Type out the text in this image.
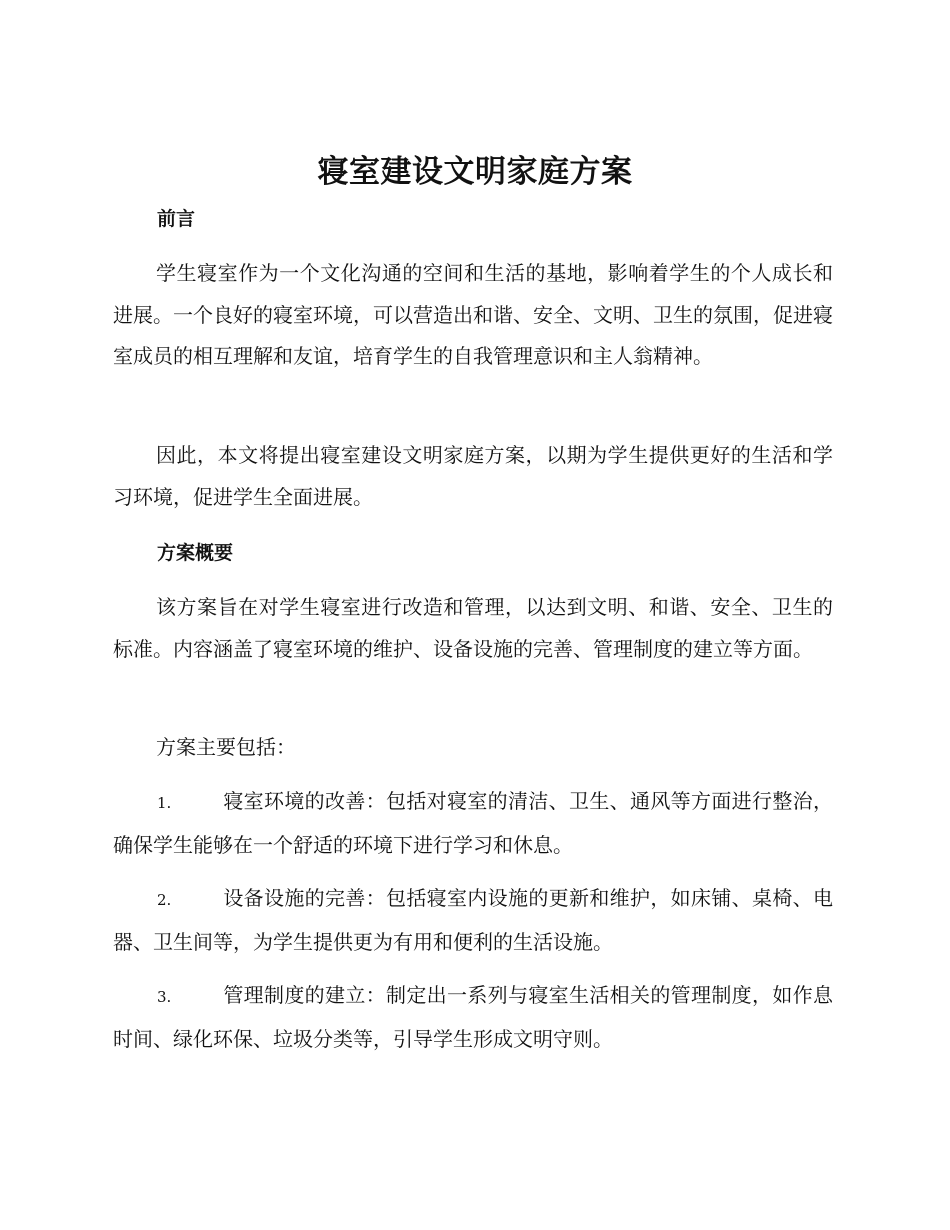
寝室建设文明家庭方案
前言

学生寝室作为一个文化沟通的空间和生活的基地，影响着学生的个人成长和进展。一个良好的寝室环境，可以营造出和谐、安全、文明、卫生的氛围，促进寝室成员的相互理解和友谊，培育学生的自我管理意识和主人翁精神。

因此，本文将提出寝室建设文明家庭方案，以期为学生提供更好的生活和学习环境，促进学生全面进展。

方案概要

该方案旨在对学生寝室进行改造和管理，以达到文明、和谐、安全、卫生的标准。内容涵盖了寝室环境的维护、设备设施的完善、管理制度的建立等方面。

方案主要包括：

1.	寝室环境的改善：包括对寝室的清洁、卫生、通风等方面进行整治，确保学生能够在一个舒适的环境下进行学习和休息。

2.	设备设施的完善：包括寝室内设施的更新和维护，如床铺、桌椅、电器、卫生间等，为学生提供更为有用和便利的生活设施。

3.	管理制度的建立：制定出一系列与寝室生活相关的管理制度，如作息时间、绿化环保、垃圾分类等，引导学生形成文明守则。
